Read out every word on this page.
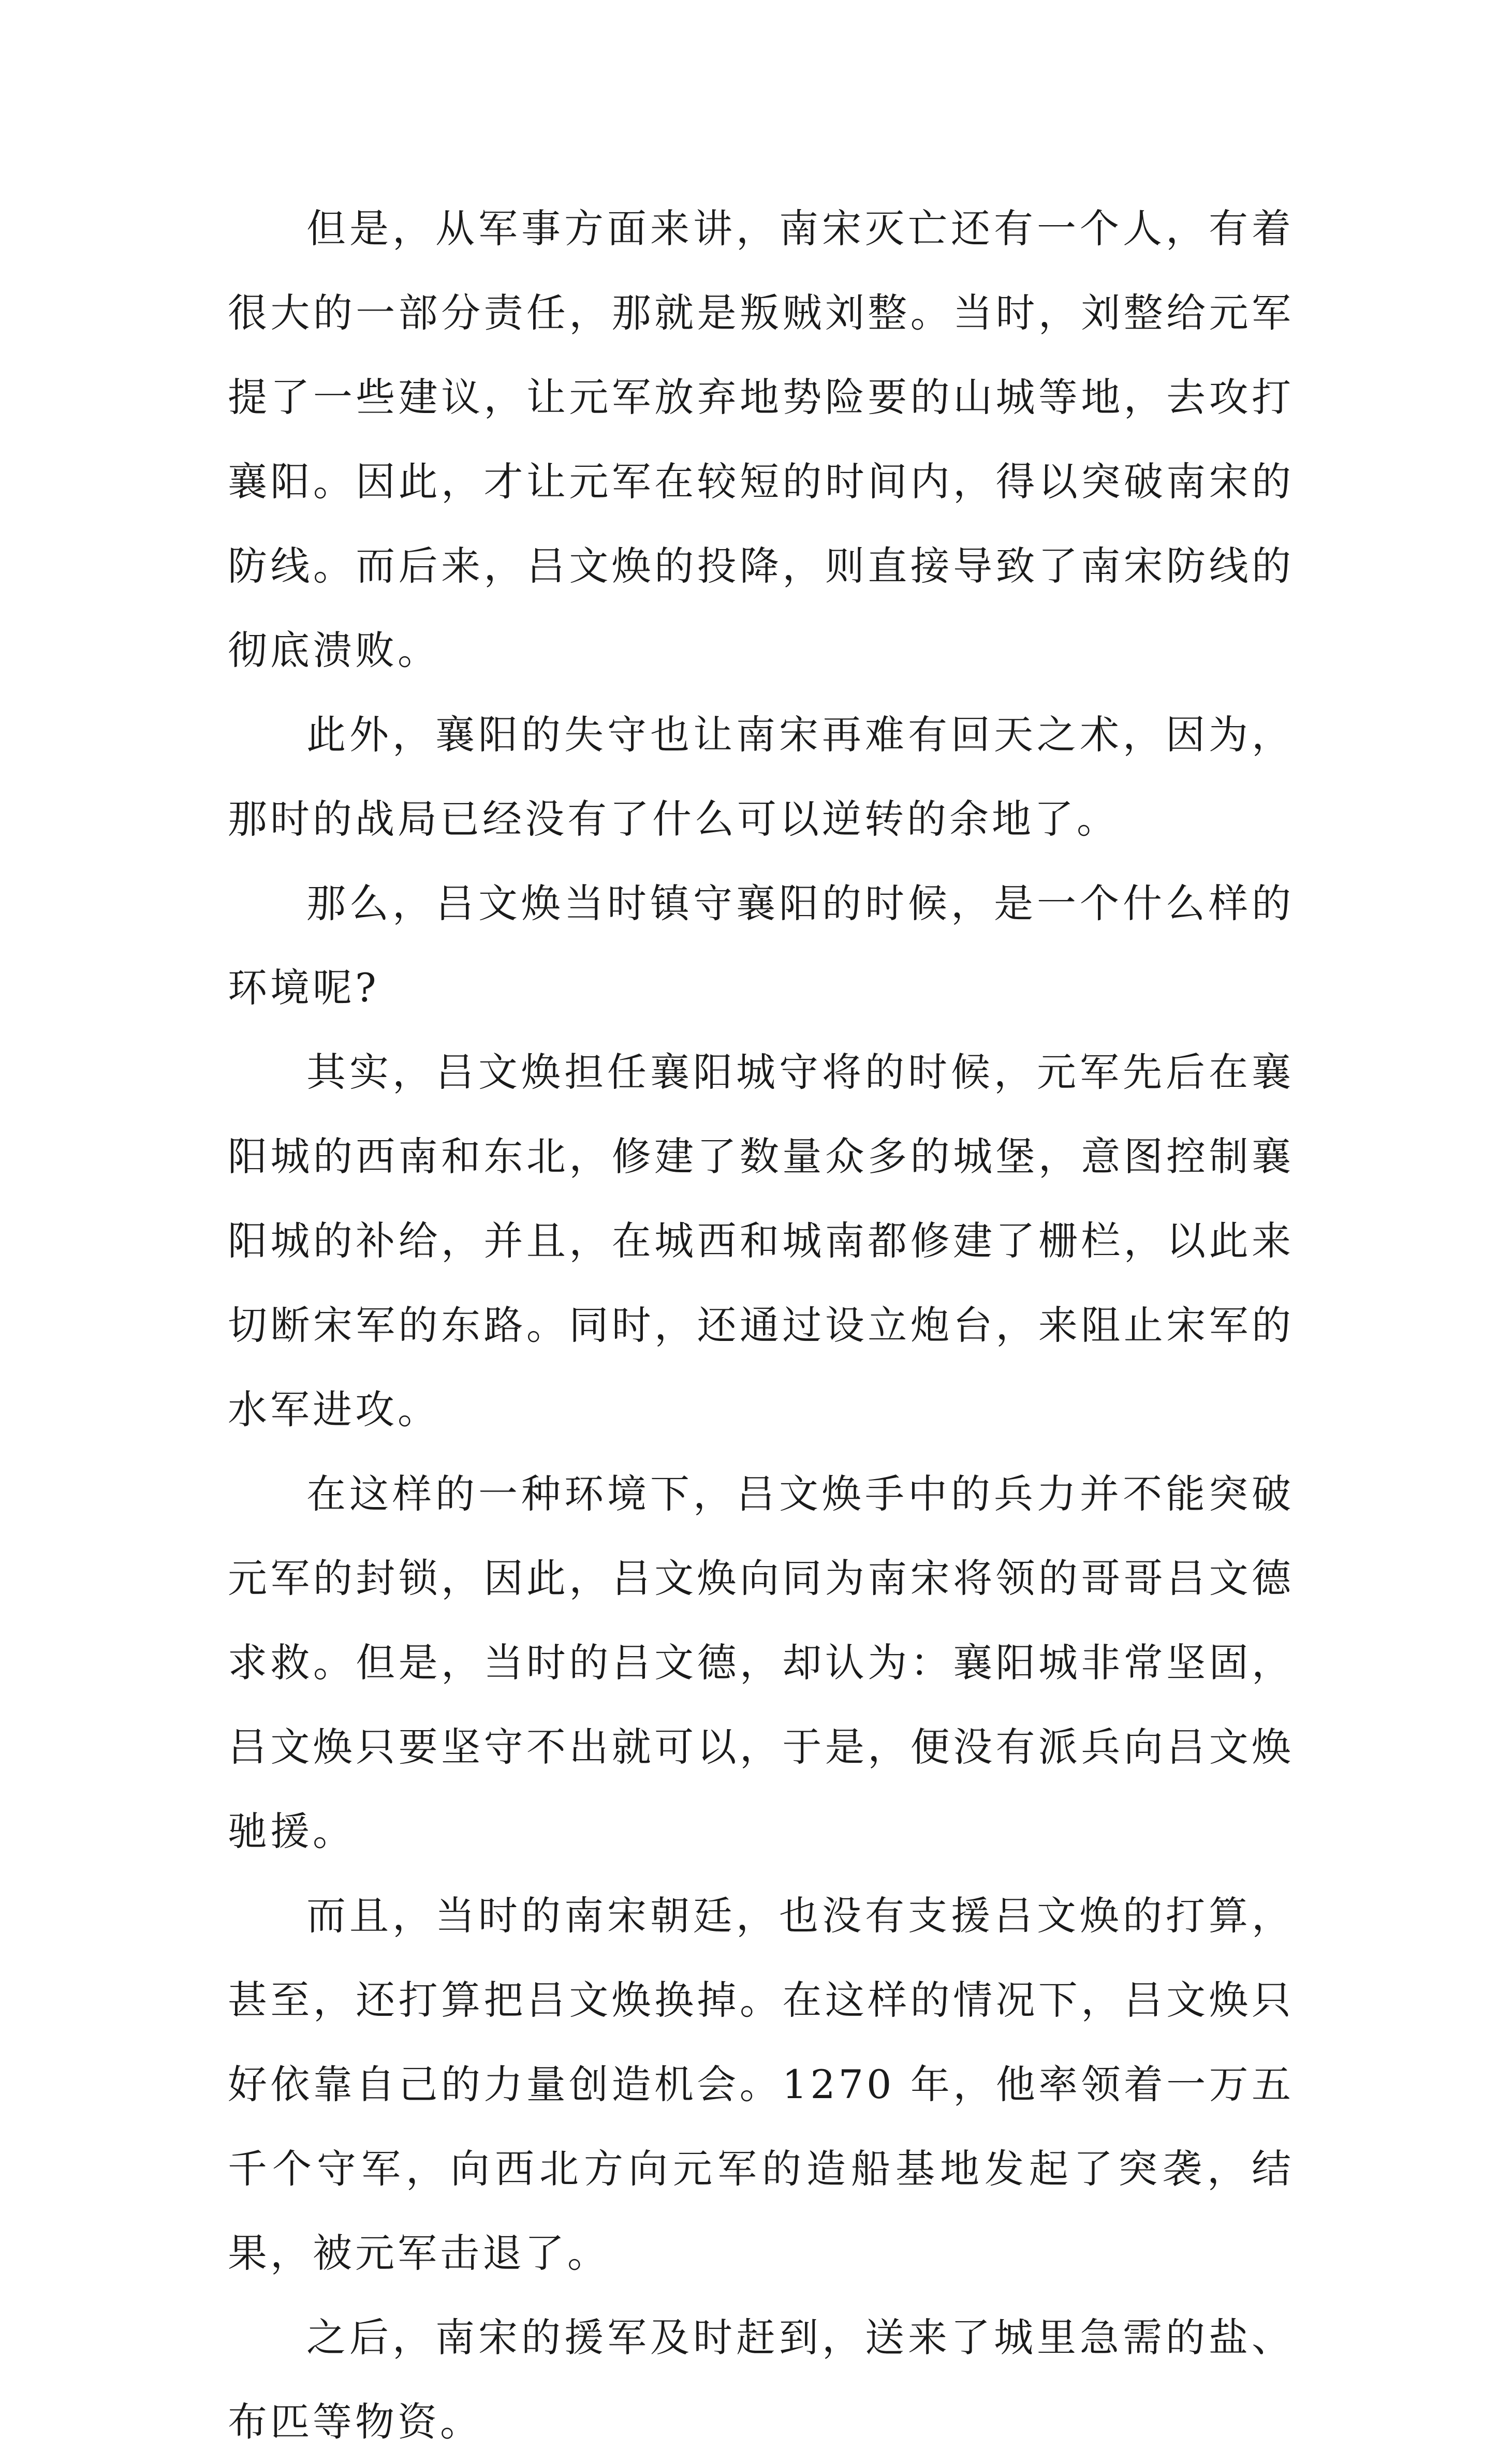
但是，从军事方面来讲，南宋灭亡还有一个人，有着很大的一部分责任，那就是叛贼刘整。当时，刘整给元军提了一些建议，让元军放弃地势险要的山城等地，去攻打襄阳。因此，才让元军在较短的时间内，得以突破南宋的防线。而后来，吕文焕的投降，则直接导致了南宋防线的彻底溃败。

此外，襄阳的失守也让南宋再难有回天之术，因为，那时的战局已经没有了什么可以逆转的余地了。

那么，吕文焕当时镇守襄阳的时候，是一个什么样的环境呢?

其实，吕文焕担任襄阳城守将的时候，元军先后在襄阳城的西南和东北，修建了数量众多的城堡，意图控制襄阳城的补给，并且，在城西和城南都修建了栅栏，以此来切断宋军的东路。同时，还通过设立炮台，来阻止宋军的水军进攻。

在这样的一种环境下，吕文焕手中的兵力并不能突破元军的封锁，因此，吕文焕向同为南宋将领的哥哥吕文德求救。但是，当时的吕文德，却认为：襄阳城非常坚固，吕文焕只要坚守不出就可以，于是，便没有派兵向吕文焕驰援。

而且，当时的南宋朝廷，也没有支援吕文焕的打算，甚至，还打算把吕文焕换掉。在这样的情况下，吕文焕只好依靠自己的力量创造机会。1270 年，他率领着一万五千个守军，向西北方向元军的造船基地发起了突袭，结果，被元军击退了。

之后，南宋的援军及时赶到，送来了城里急需的盐、布匹等物资。
